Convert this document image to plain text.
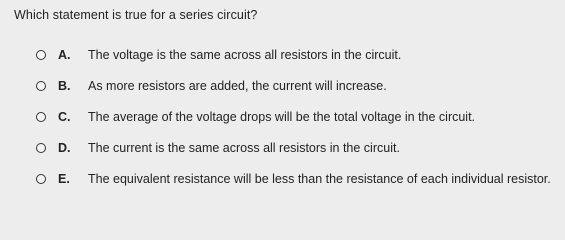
Which statement is true for a series circuit?
A.	The voltage is the same across all resistors in the circuit.
B.	As more resistors are added, the current will increase.
C.	The average of the voltage drops will be the total voltage in the circuit.
D.	The current is the same across all resistors in the circuit.
E.	The equivalent resistance will be less than the resistance of each individual resistor.
